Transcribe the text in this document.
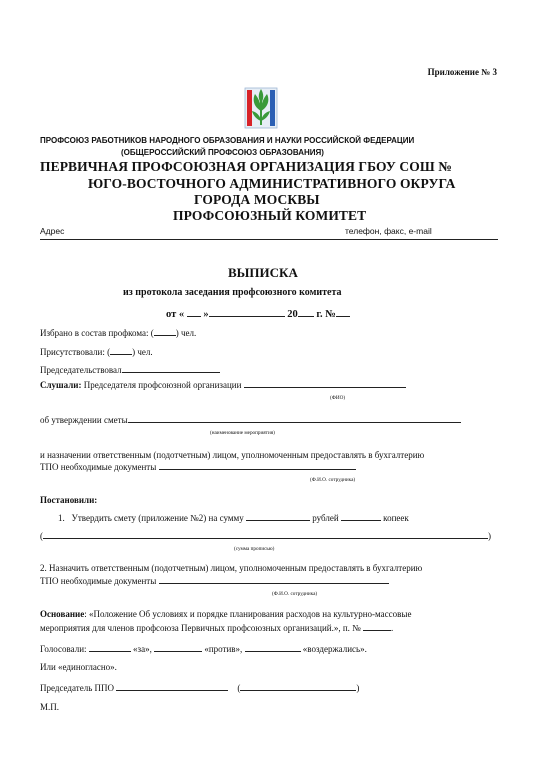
Приложение № 3
ПРОФСОЮЗ РАБОТНИКОВ НАРОДНОГО ОБРАЗОВАНИЯ И НАУКИ РОССИЙСКОЙ ФЕДЕРАЦИИ
(ОБЩЕРОССИЙСКИЙ ПРОФСОЮЗ ОБРАЗОВАНИЯ)
ПЕРВИЧНАЯ ПРОФСОЮЗНАЯ ОРГАНИЗАЦИЯ ГБОУ СОШ №
ЮГО-ВОСТОЧНОГО АДМИНИСТРАТИВНОГО ОКРУГА
ГОРОДА МОСКВЫ
ПРОФСОЮЗНЫЙ КОМИТЕТ
Адрес	телефон, факс, e-mail
ВЫПИСКА
из протокола заседания профсоюзного комитета
от « »	20 г. №
Избрано в состав профкома: ( ) чел.
Присутствовали: ( ) чел.
Председательствовал
Слушали: Председателя профсоюзной организации
(ФИО)
об утверждении сметы
(наименование мероприятия)
и назначении ответственным (подотчетным) лицом, уполномоченным предоставлять в бухгалтерию
ТПО необходимые документы
(Ф.И.О. сотрудника)
Постановили:
1. Утвердить смету (приложение №2) на сумму	рублей	копеек
(	)
(сумма прописью)
2. Назначить ответственным (подотчетным) лицом, уполномоченным предоставлять в бухгалтерию
ТПО необходимые документы
(Ф.И.О. сотрудника)
Основание: «Положение Об условиях и порядке планирования расходов на культурно-массовые
мероприятия для членов профсоюза Первичных профсоюзных организаций.», п. №	.
Голосовали:	«за»,	«против»,	«воздержались».
Или «единогласно».
Председатель ППО	(	)
М.П.
